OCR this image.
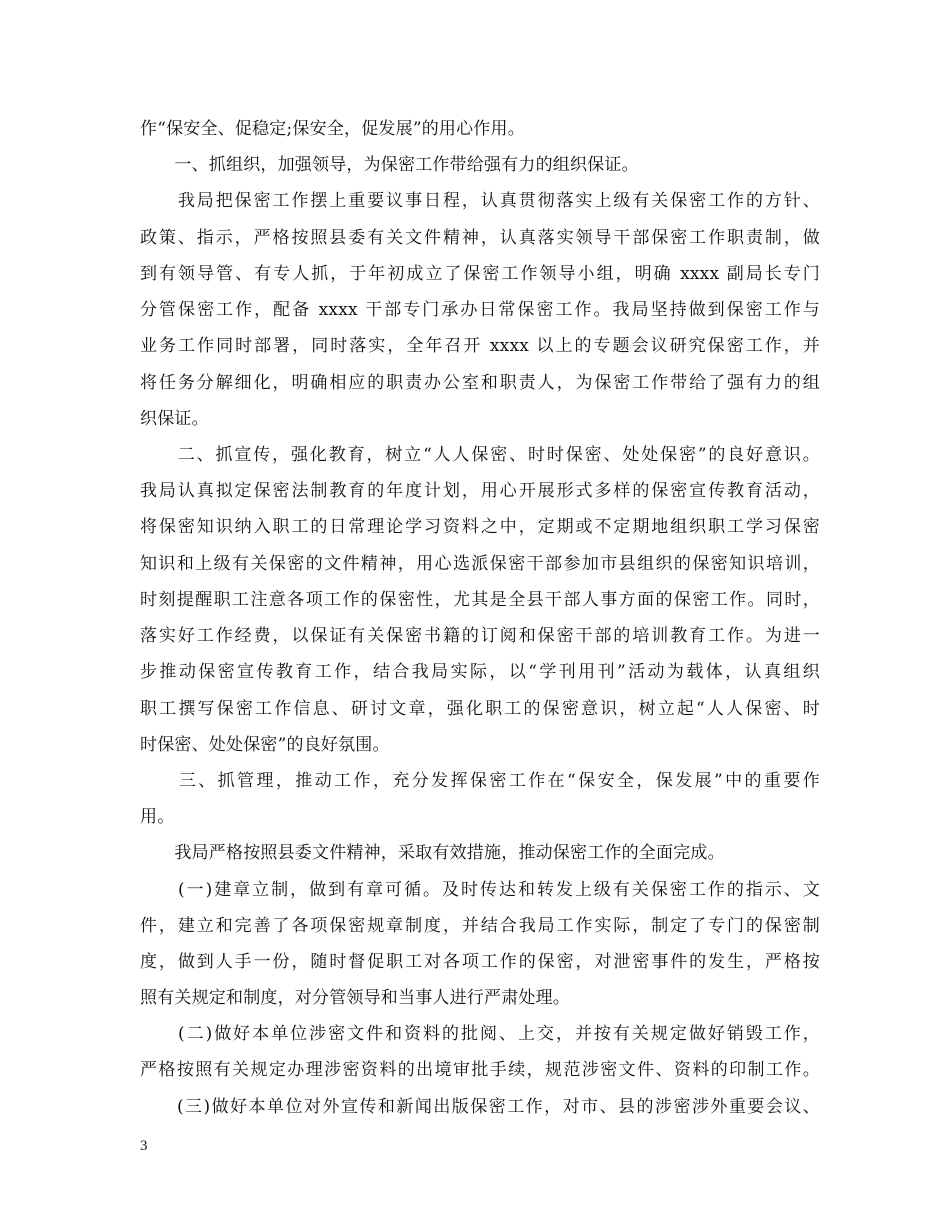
作“保安全、促稳定;保安全，促发展”的用心作用。
　　一、抓组织，加强领导，为保密工作带给强有力的组织保证。
　　我局把保密工作摆上重要议事日程，认真贯彻落实上级有关保密工作的方针、
政策、指示，严格按照县委有关文件精神，认真落实领导干部保密工作职责制，做
到有领导管、有专人抓，于年初成立了保密工作领导小组，明确 xxxx 副局长专门
分管保密工作，配备 xxxx 干部专门承办日常保密工作。我局坚持做到保密工作与
业务工作同时部署，同时落实，全年召开 xxxx 以上的专题会议研究保密工作，并
将任务分解细化，明确相应的职责办公室和职责人，为保密工作带给了强有力的组
织保证。
　　二、抓宣传，强化教育，树立“人人保密、时时保密、处处保密”的良好意识。
我局认真拟定保密法制教育的年度计划，用心开展形式多样的保密宣传教育活动，
将保密知识纳入职工的日常理论学习资料之中，定期或不定期地组织职工学习保密
知识和上级有关保密的文件精神，用心选派保密干部参加市县组织的保密知识培训，
时刻提醒职工注意各项工作的保密性，尤其是全县干部人事方面的保密工作。同时，
落实好工作经费，以保证有关保密书籍的订阅和保密干部的培训教育工作。为进一
步推动保密宣传教育工作，结合我局实际，以“学刊用刊”活动为载体，认真组织
职工撰写保密工作信息、研讨文章，强化职工的保密意识，树立起“人人保密、时
时保密、处处保密”的良好氛围。
　　三、抓管理，推动工作，充分发挥保密工作在“保安全，保发展”中的重要作
用。
　　我局严格按照县委文件精神，采取有效措施，推动保密工作的全面完成。
　　(一)建章立制，做到有章可循。及时传达和转发上级有关保密工作的指示、文
件，建立和完善了各项保密规章制度，并结合我局工作实际，制定了专门的保密制
度，做到人手一份，随时督促职工对各项工作的保密，对泄密事件的发生，严格按
照有关规定和制度，对分管领导和当事人进行严肃处理。
　　(二)做好本单位涉密文件和资料的批阅、上交，并按有关规定做好销毁工作，
严格按照有关规定办理涉密资料的出境审批手续，规范涉密文件、资料的印制工作。
　　(三)做好本单位对外宣传和新闻出版保密工作，对市、县的涉密涉外重要会议、
3
